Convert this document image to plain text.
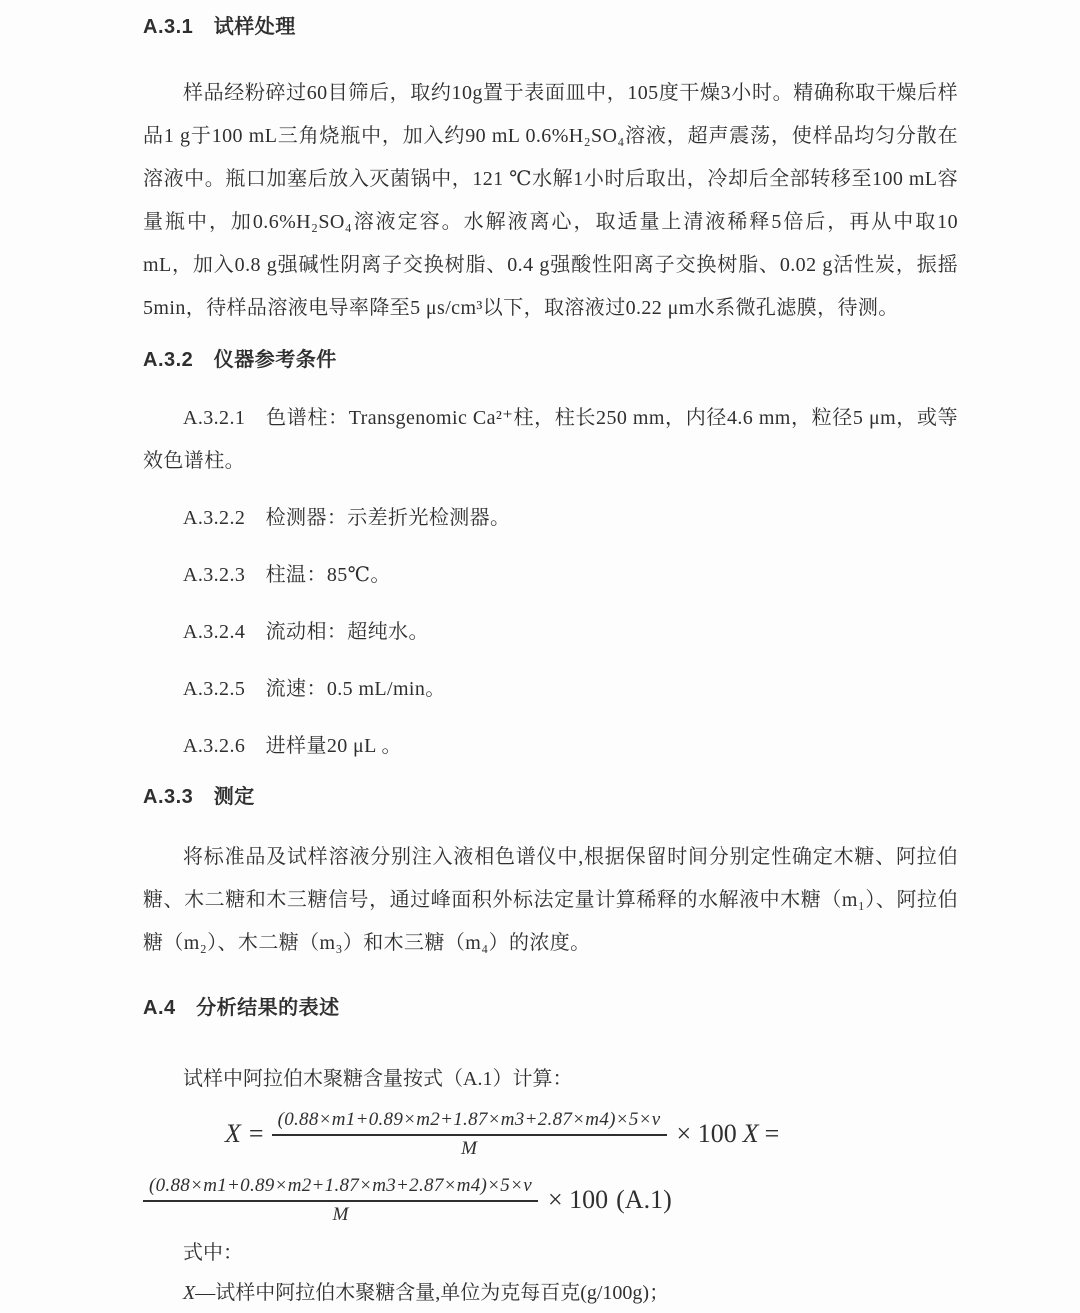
A.3.1　试样处理

样品经粉碎过60目筛后，取约10g置于表面皿中，105度干燥3小时。精确称取干燥后样品1 g于100 mL三角烧瓶中，加入约90 mL 0.6%H₂SO₄溶液，超声震荡，使样品均匀分散在溶液中。瓶口加塞后放入灭菌锅中，121 ℃水解1小时后取出，冷却后全部转移至100 mL容量瓶中，加0.6%H₂SO₄溶液定容。水解液离心，取适量上清液稀释5倍后，再从中取10 mL，加入0.8 g强碱性阴离子交换树脂、0.4 g强酸性阳离子交换树脂、0.02 g活性炭，振摇5min，待样品溶液电导率降至5 μs/cm³以下，取溶液过0.22 μm水系微孔滤膜，待测。

A.3.2　仪器参考条件

A.3.2.1　色谱柱：Transgenomic Ca²⁺柱，柱长250 mm，内径4.6 mm，粒径5 μm，或等效色谱柱。

A.3.2.2　检测器：示差折光检测器。

A.3.2.3　柱温：85℃。

A.3.2.4　流动相：超纯水。

A.3.2.5　流速：0.5 mL/min。

A.3.2.6　进样量20 μL 。

A.3.3　测定

将标准品及试样溶液分别注入液相色谱仪中,根据保留时间分别定性确定木糖、阿拉伯糖、木二糖和木三糖信号，通过峰面积外标法定量计算稀释的水解液中木糖（m₁）、阿拉伯糖（m₂）、木二糖（m₃）和木三糖（m₄）的浓度。

A.4　分析结果的表述

试样中阿拉伯木聚糖含量按式（A.1）计算：

$X = \frac{(0.88\times m1+0.89\times m2+1.87\times m3+2.87\times m4)\times 5\times v}{M} \times 100$ X =
$\frac{(0.88\times m1+0.89\times m2+1.87\times m3+2.87\times m4)\times 5\times v}{M} \times 100$ (A.1)

式中：

X—试样中阿拉伯木聚糖含量,单位为克每百克(g/100g)；
